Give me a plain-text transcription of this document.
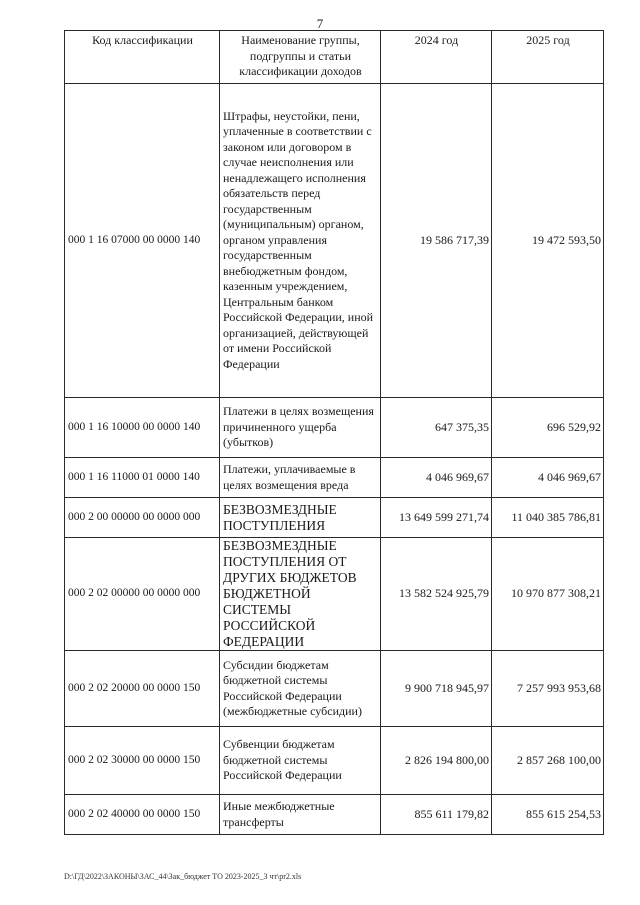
7
Код классификации	Наименование группы, подгруппы и статьи классификации доходов	2024 год	2025 год
000 1 16 07000 00 0000 140	Штрафы, неустойки, пени, уплаченные в соответствии с законом или договором в случае неисполнения или ненадлежащего исполнения обязательств перед государственным (муниципальным) органом, органом управления государственным внебюджетным фондом, казенным учреждением, Центральным банком Российской Федерации, иной организацией, действующей от имени Российской Федерации	19 586 717,39	19 472 593,50
000 1 16 10000 00 0000 140	Платежи в целях возмещения причиненного ущерба (убытков)	647 375,35	696 529,92
000 1 16 11000 01 0000 140	Платежи, уплачиваемые в целях возмещения вреда	4 046 969,67	4 046 969,67
000 2 00 00000 00 0000 000	БЕЗВОЗМЕЗДНЫЕ ПОСТУПЛЕНИЯ	13 649 599 271,74	11 040 385 786,81
000 2 02 00000 00 0000 000	БЕЗВОЗМЕЗДНЫЕ ПОСТУПЛЕНИЯ ОТ ДРУГИХ БЮДЖЕТОВ БЮДЖЕТНОЙ СИСТЕМЫ РОССИЙСКОЙ ФЕДЕРАЦИИ	13 582 524 925,79	10 970 877 308,21
000 2 02 20000 00 0000 150	Субсидии бюджетам бюджетной системы Российской Федерации (межбюджетные субсидии)	9 900 718 945,97	7 257 993 953,68
000 2 02 30000 00 0000 150	Субвенции бюджетам бюджетной системы Российской Федерации	2 826 194 800,00	2 857 268 100,00
000 2 02 40000 00 0000 150	Иные межбюджетные трансферты	855 611 179,82	855 615 254,53
D:\ГД\2022\ЗАКОНЫ\ЗАС_44\Зак_бюджет ТО 2023-2025_3 чт\pr2.xls
